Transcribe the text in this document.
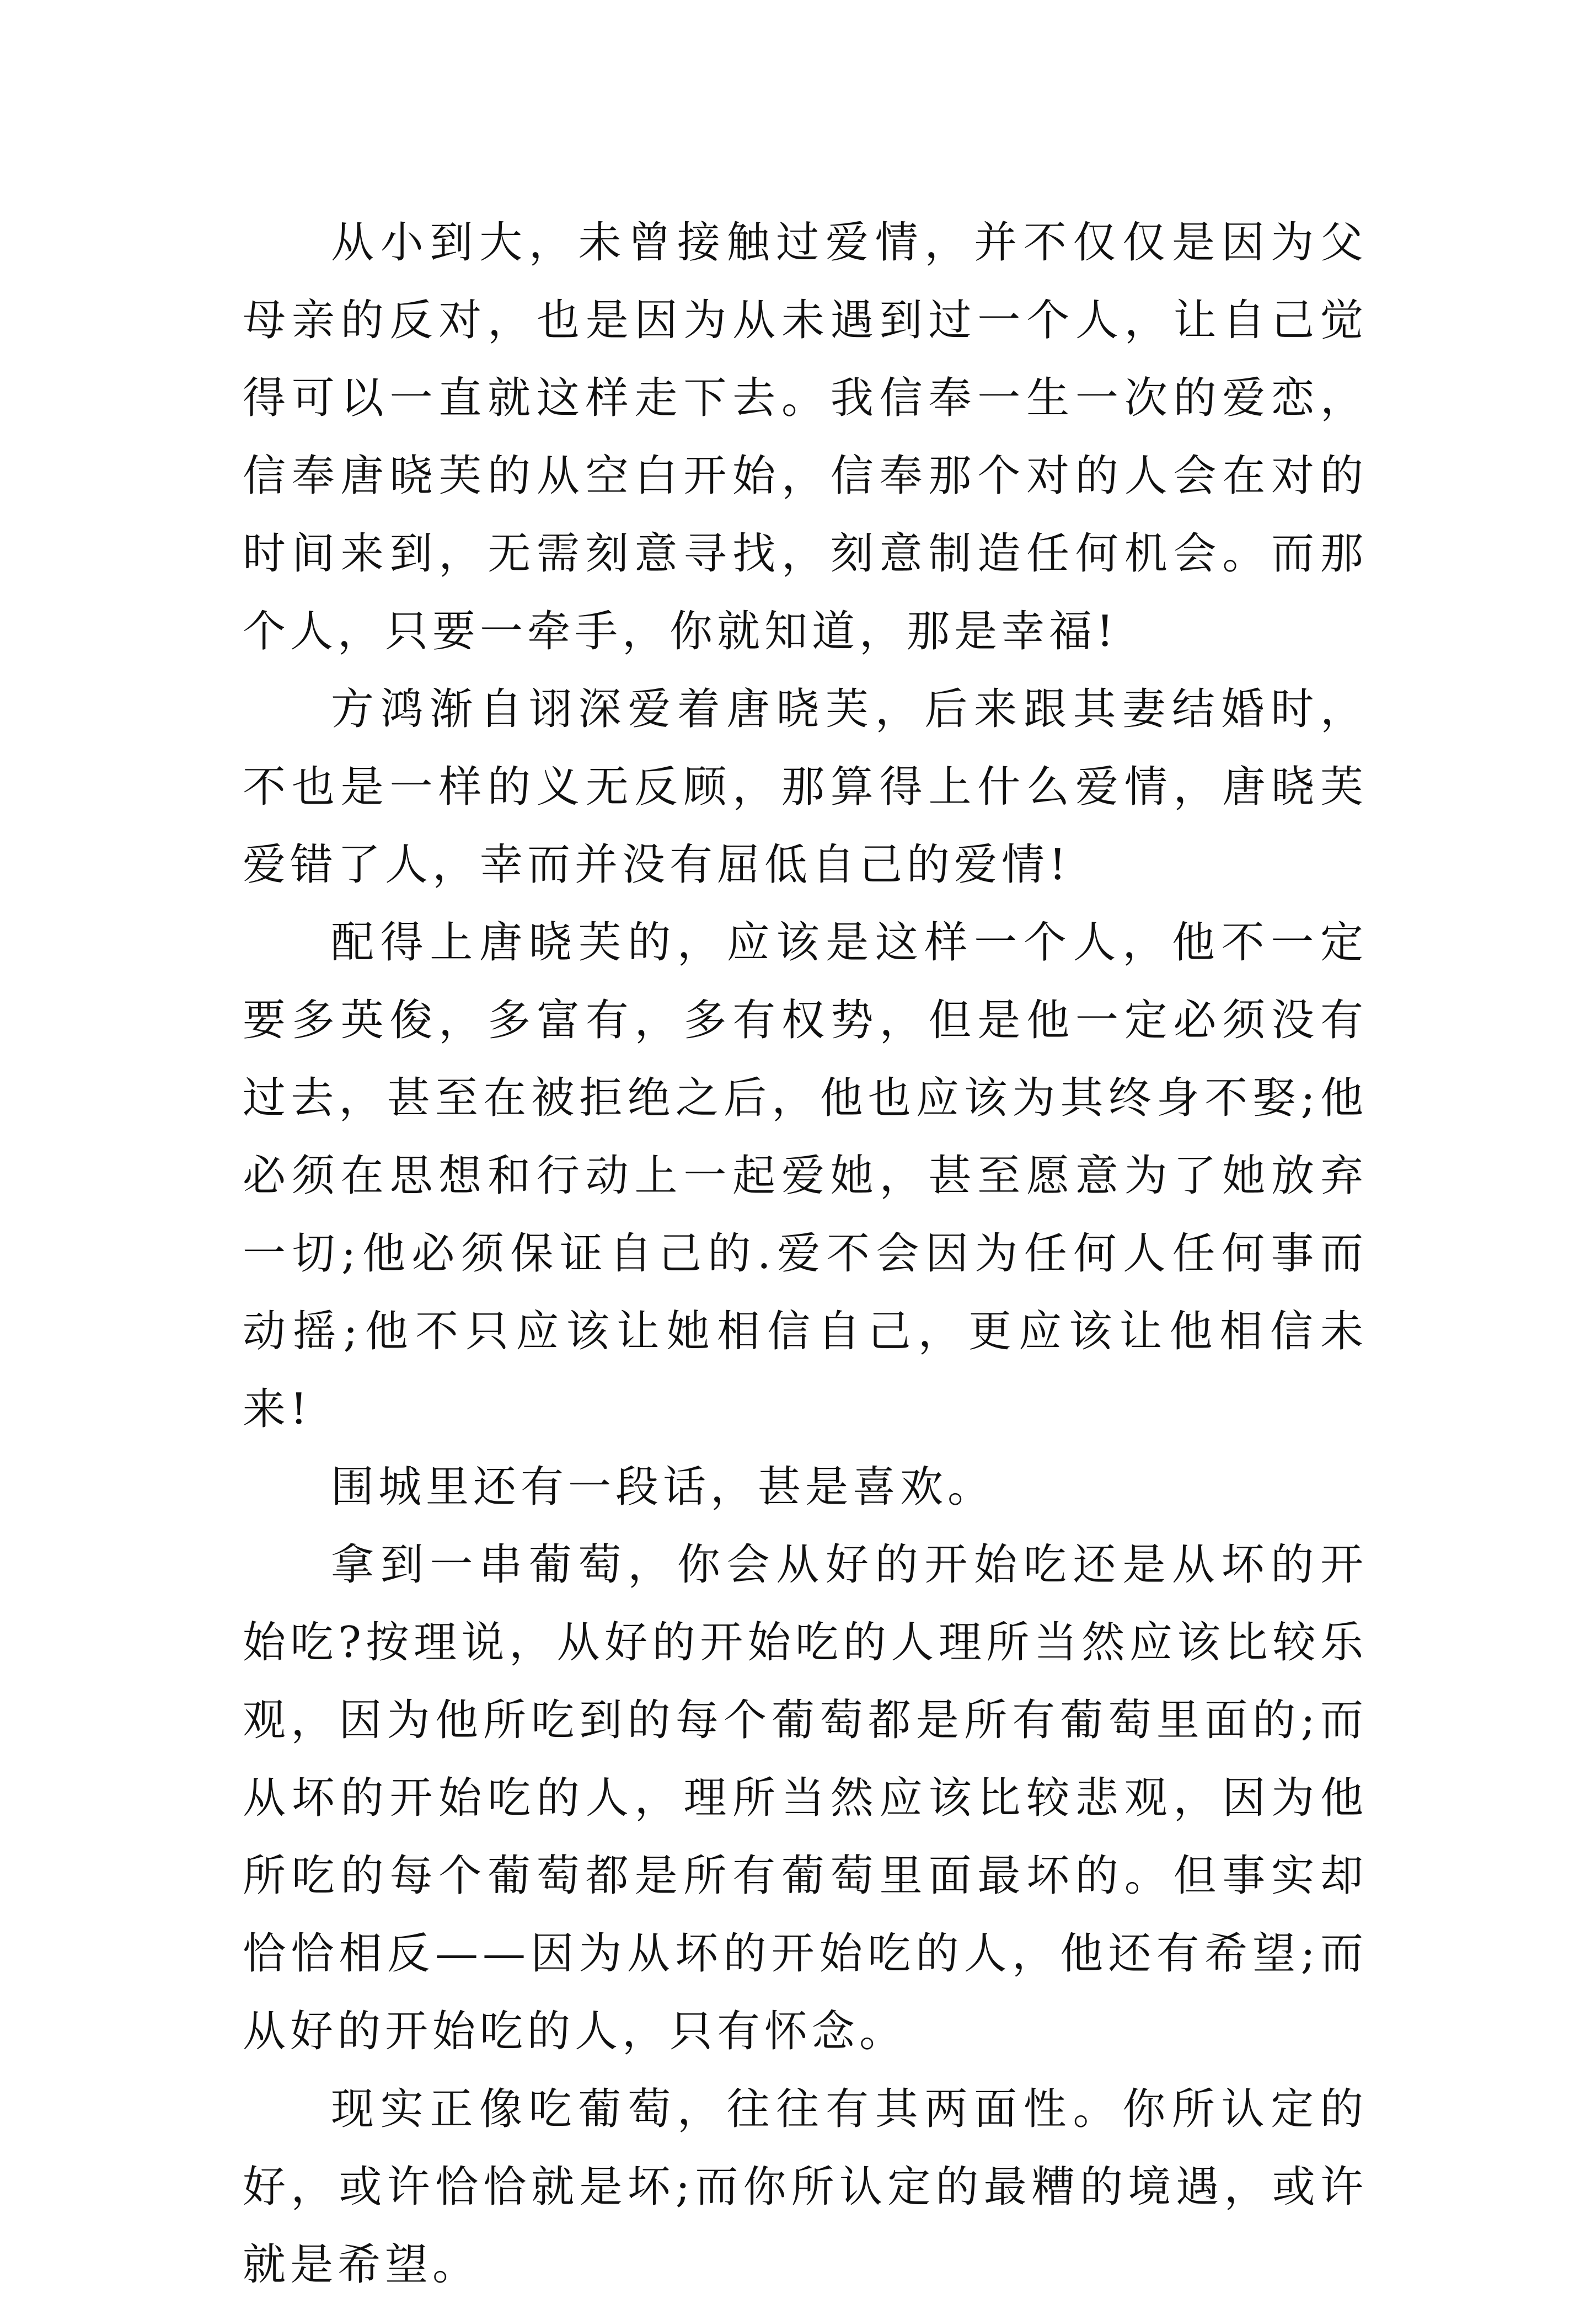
从小到大，未曾接触过爱情，并不仅仅是因为父母亲的反对，也是因为从未遇到过一个人，让自己觉得可以一直就这样走下去。我信奉一生一次的爱恋，信奉唐晓芙的从空白开始，信奉那个对的人会在对的时间来到，无需刻意寻找，刻意制造任何机会。而那个人，只要一牵手，你就知道，那是幸福!

方鸿渐自诩深爱着唐晓芙，后来跟其妻结婚时，不也是一样的义无反顾，那算得上什么爱情，唐晓芙爱错了人，幸而并没有屈低自己的爱情!

配得上唐晓芙的，应该是这样一个人，他不一定要多英俊，多富有，多有权势，但是他一定必须没有过去，甚至在被拒绝之后，他也应该为其终身不娶;他必须在思想和行动上一起爱她，甚至愿意为了她放弃一切;他必须保证自己的.爱不会因为任何人任何事而动摇;他不只应该让她相信自己，更应该让他相信未来!

围城里还有一段话，甚是喜欢。

拿到一串葡萄，你会从好的开始吃还是从坏的开始吃?按理说，从好的开始吃的人理所当然应该比较乐观，因为他所吃到的每个葡萄都是所有葡萄里面的;而从坏的开始吃的人，理所当然应该比较悲观，因为他所吃的每个葡萄都是所有葡萄里面最坏的。但事实却恰恰相反——因为从坏的开始吃的人，他还有希望;而从好的开始吃的人，只有怀念。

现实正像吃葡萄，往往有其两面性。你所认定的好，或许恰恰就是坏;而你所认定的最糟的境遇，或许就是希望。
